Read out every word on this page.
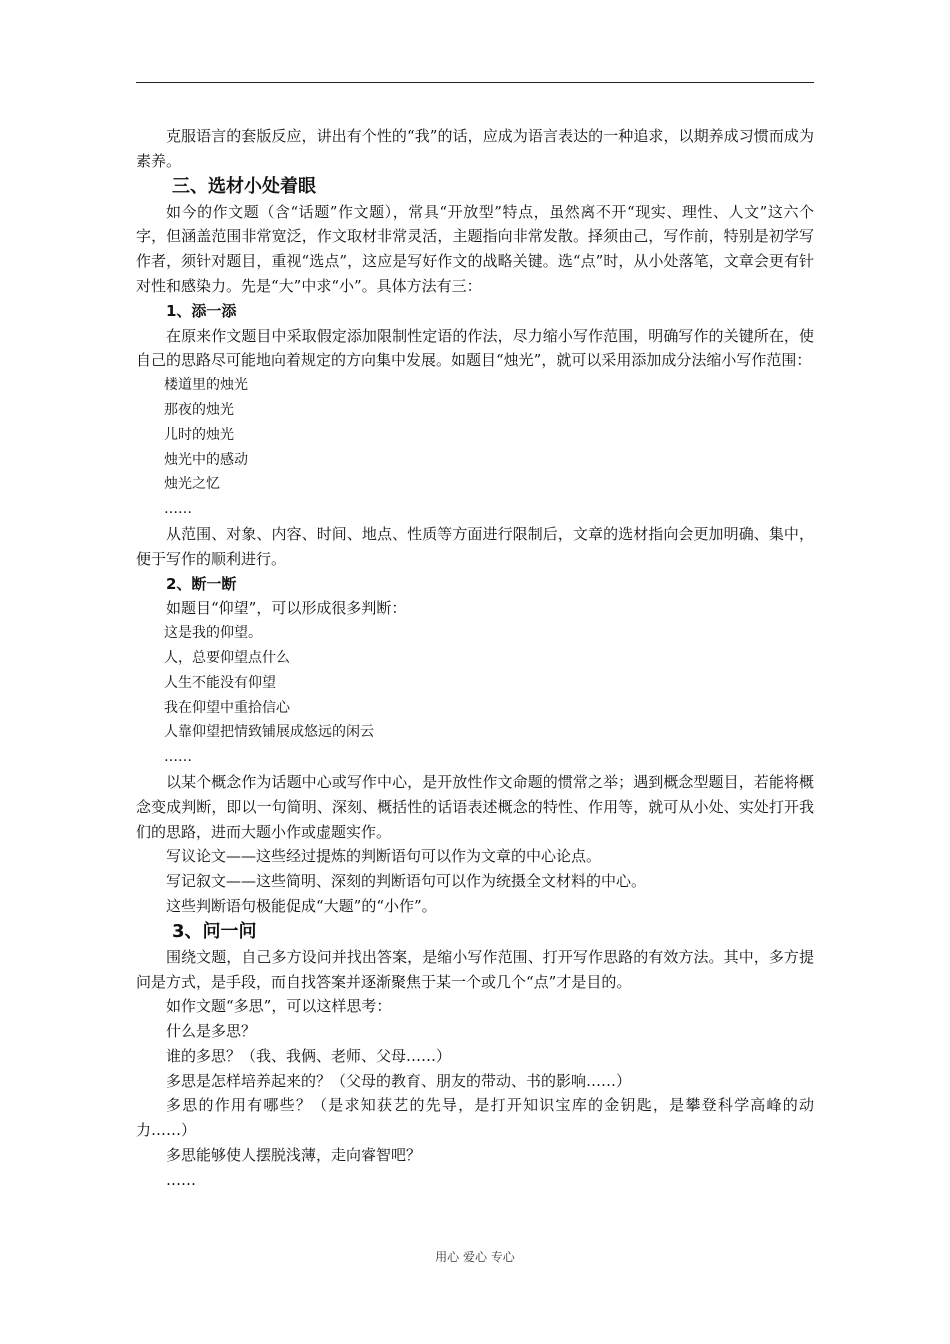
克服语言的套版反应，讲出有个性的“我”的话，应成为语言表达的一种追求，以期养成习惯而成为素养。
三、选材小处着眼
如今的作文题（含“话题”作文题），常具“开放型”特点，虽然离不开“现实、理性、人文”这六个字，但涵盖范围非常宽泛，作文取材非常灵活，主题指向非常发散。择须由己，写作前，特别是初学写作者，须针对题目，重视“选点”，这应是写好作文的战略关键。选“点”时，从小处落笔，文章会更有针对性和感染力。先是“大”中求“小”。具体方法有三：
1、添一添
在原来作文题目中采取假定添加限制性定语的作法，尽力缩小写作范围，明确写作的关键所在，使自己的思路尽可能地向着规定的方向集中发展。如题目“烛光”，就可以采用添加成分法缩小写作范围：
楼道里的烛光
那夜的烛光
儿时的烛光
烛光中的感动
烛光之忆
……
从范围、对象、内容、时间、地点、性质等方面进行限制后，文章的选材指向会更加明确、集中，便于写作的顺利进行。
2、断一断
如题目“仰望”，可以形成很多判断：
这是我的仰望。
人，总要仰望点什么
人生不能没有仰望
我在仰望中重拾信心
人靠仰望把情致铺展成悠远的闲云
……
以某个概念作为话题中心或写作中心，是开放性作文命题的惯常之举；遇到概念型题目，若能将概念变成判断，即以一句简明、深刻、概括性的话语表述概念的特性、作用等，就可从小处、实处打开我们的思路，进而大题小作或虚题实作。
写议论文——这些经过提炼的判断语句可以作为文章的中心论点。
写记叙文——这些简明、深刻的判断语句可以作为统摄全文材料的中心。
这些判断语句极能促成“大题”的“小作”。
3、问一问
围绕文题，自己多方设问并找出答案，是缩小写作范围、打开写作思路的有效方法。其中，多方提问是方式，是手段，而自找答案并逐渐聚焦于某一个或几个“点”才是目的。
如作文题“多思”，可以这样思考：
什么是多思？
谁的多思？（我、我俩、老师、父母……）
多思是怎样培养起来的？（父母的教育、朋友的带动、书的影响……）
多思的作用有哪些？（是求知获艺的先导，是打开知识宝库的金钥匙，是攀登科学高峰的动力……）
多思能够使人摆脱浅薄，走向睿智吧？
……
用心 爱心 专心
